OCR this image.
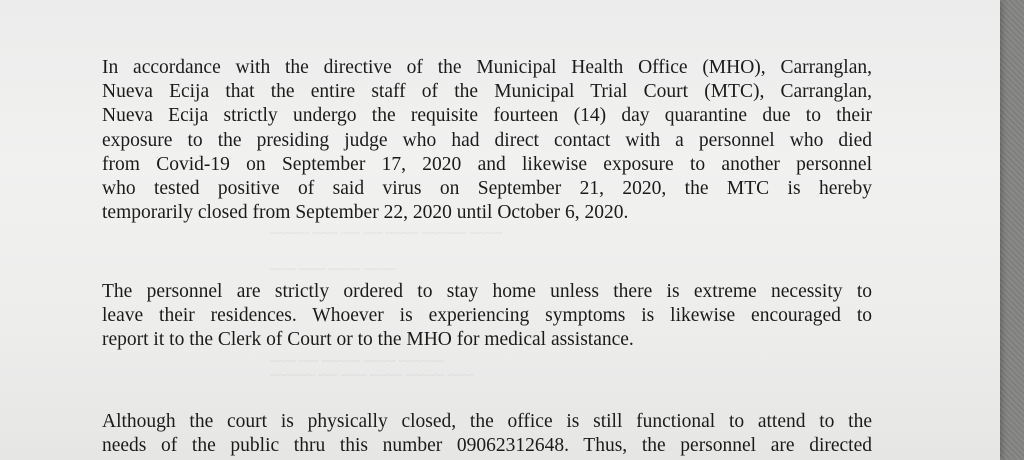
~~~~~ ~~~~~~~ ~~~~~ ~~~ ~~~ ~~~~ ~~~~~~
~~~~~ ~~~~~ ~~~~ ~~~~
~~~~~~~ ~~~~~ ~~~~~~ ~~~ ~~~~
~~~~ ~~~~~~ ~~~~~ ~~~~ ~~~ ~~~~~~~
In accordance with the directive of the Municipal Health Office (MHO), Carranglan,
Nueva Ecija that the entire staff of the Municipal Trial Court (MTC), Carranglan,
Nueva Ecija strictly undergo the requisite fourteen (14) day quarantine due to their
exposure to the presiding judge who had direct contact with a personnel who died
from Covid-19 on September 17, 2020 and likewise exposure to another personnel
who tested positive of said virus on September 21, 2020, the MTC is hereby
temporarily closed from September 22, 2020 until October 6, 2020.
The personnel are strictly ordered to stay home unless there is extreme necessity to
leave their residences. Whoever is experiencing symptoms is likewise encouraged to
report it to the Clerk of Court or to the MHO for medical assistance.
Although the court is physically closed, the office is still functional to attend to the
needs of the public thru this number 09062312648. Thus, the personnel are directed
